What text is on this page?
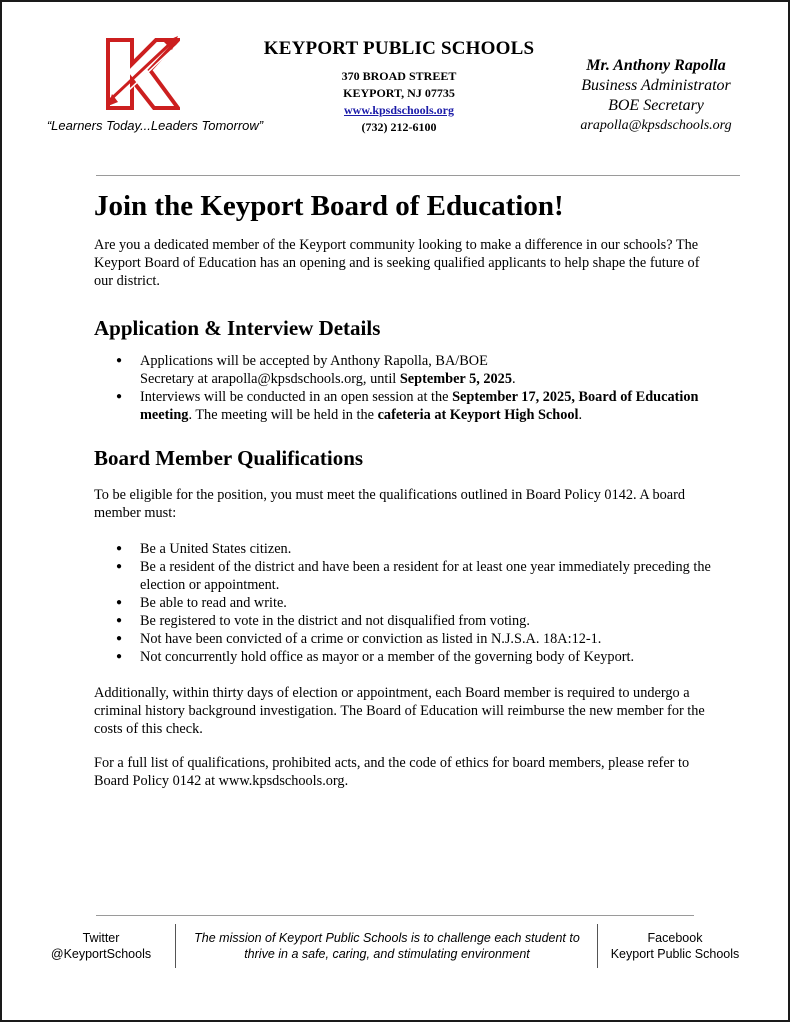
“Learners Today...Leaders Tomorrow”
KEYPORT PUBLIC SCHOOLS
370 BROAD STREET
KEYPORT, NJ 07735
www.kpsdschools.org
(732) 212-6100
Mr. Anthony Rapolla
Business Administrator
BOE Secretary
arapolla@kpsdschools.org
Join the Keyport Board of Education!

Are you a dedicated member of the Keyport community looking to make a difference in our schools? The Keyport Board of Education has an opening and is seeking qualified applicants to help shape the future of our district.

Application & Interview Details
● Applications will be accepted by Anthony Rapolla, BA/BOE
Secretary at arapolla@kpsdschools.org, until September 5, 2025.
● Interviews will be conducted in an open session at the September 17, 2025, Board of Education meeting. The meeting will be held in the cafeteria at Keyport High School.
Board Member Qualifications

To be eligible for the position, you must meet the qualifications outlined in Board Policy 0142. A board member must:

● Be a United States citizen.
● Be a resident of the district and have been a resident for at least one year immediately preceding the election or appointment.
● Be able to read and write.
● Be registered to vote in the district and not disqualified from voting.
● Not have been convicted of a crime or conviction as listed in N.J.S.A. 18A:12-1.
● Not concurrently hold office as mayor or a member of the governing body of Keyport.

Additionally, within thirty days of election or appointment, each Board member is required to undergo a criminal history background investigation. The Board of Education will reimburse the new member for the costs of this check.

For a full list of qualifications, prohibited acts, and the code of ethics for board members, please refer to Board Policy 0142 at www.kpsdschools.org.

Twitter
@KeyportSchools
The mission of Keyport Public Schools is to challenge each student to thrive in a safe, caring, and stimulating environment
Facebook
Keyport Public Schools
